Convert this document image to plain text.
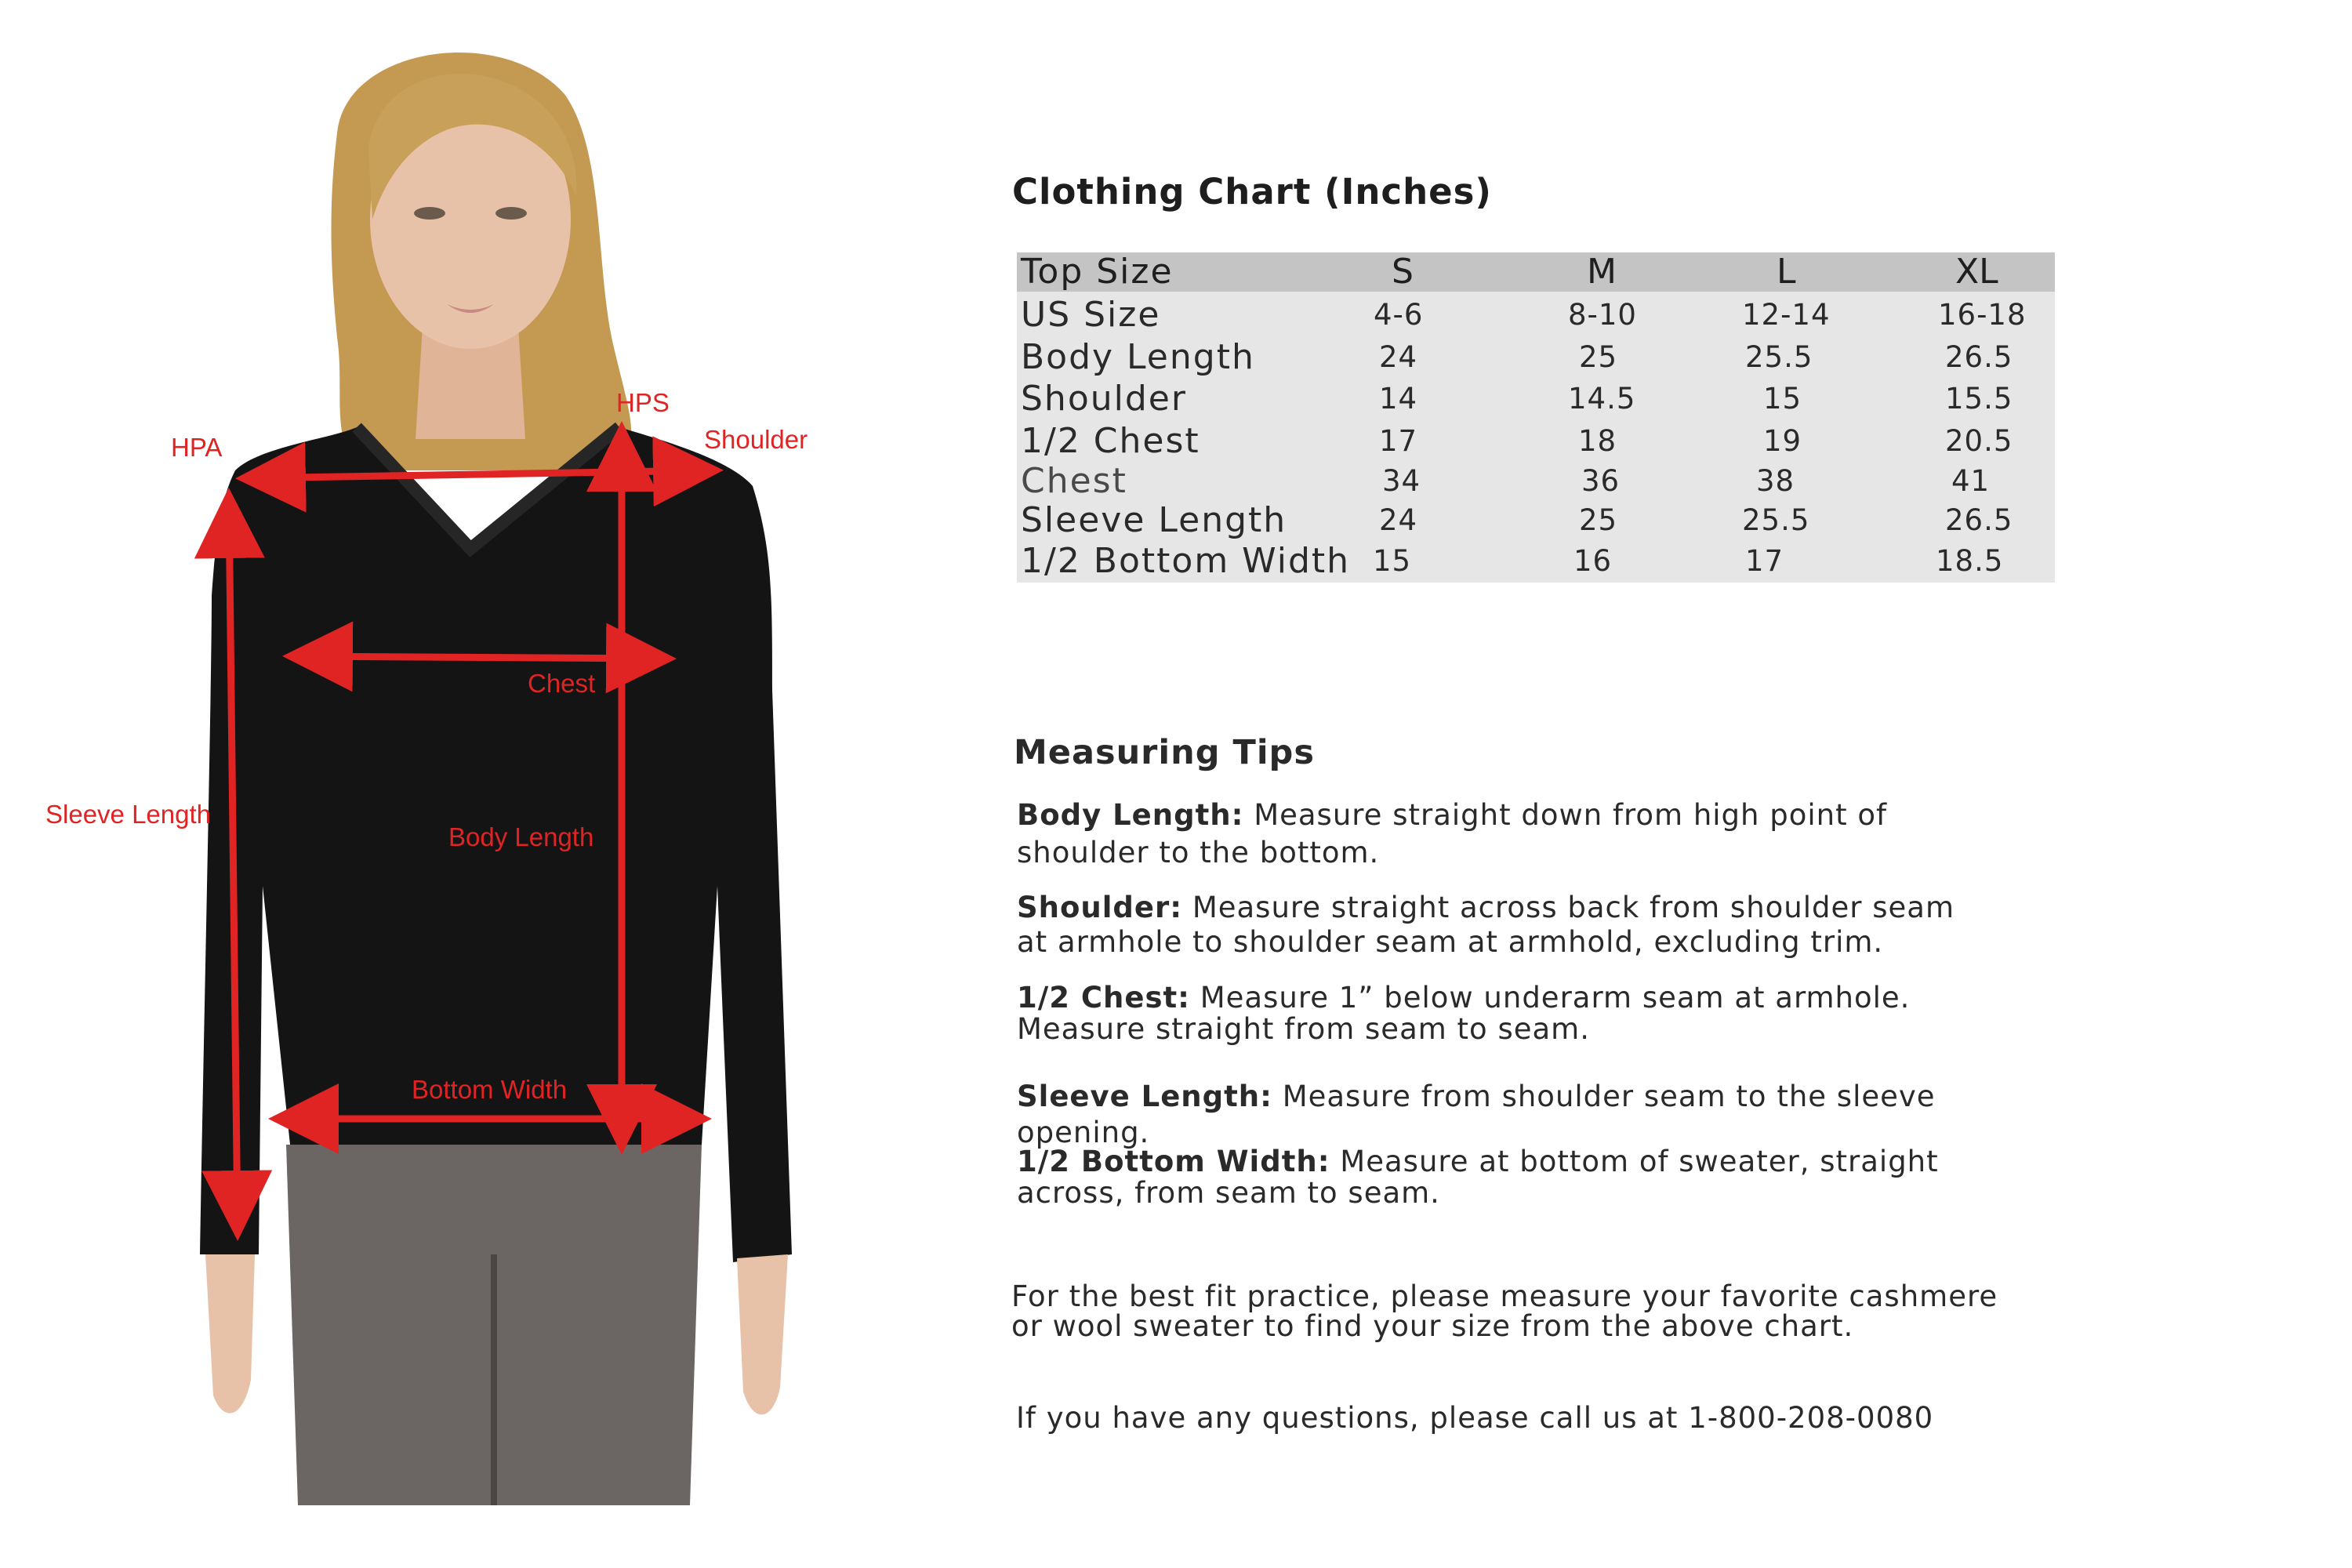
HPA
HPS
Shoulder
Chest
Sleeve Length
Body Length
Bottom Width
Clothing Chart (Inches)
Top Size	S	M	L	XL
US Size	4-6	8-10	12-14	16-18
Body Length	24	25	25.5	26.5
Shoulder	14	14.5	15	15.5
1/2 Chest	17	18	19	20.5
Chest	34	36	38	41
Sleeve Length	24	25	25.5	26.5
1/2 Bottom Width 15	16	17	18.5
Measuring Tips
Body Length: Measure straight down from high point of shoulder to the bottom.
Shoulder: Measure straight across back from shoulder seam at armhole to shoulder seam at armhold, excluding trim.
1/2 Chest: Measure 1” below underarm seam at armhole. Measure straight from seam to seam.
Sleeve Length: Measure from shoulder seam to the sleeve opening.
1/2 Bottom Width: Measure at bottom of sweater, straight across, from seam to seam.
For the best fit practice, please measure your favorite cashmere or wool sweater to find your size from the above chart.
If you have any questions, please call us at 1-800-208-0080
